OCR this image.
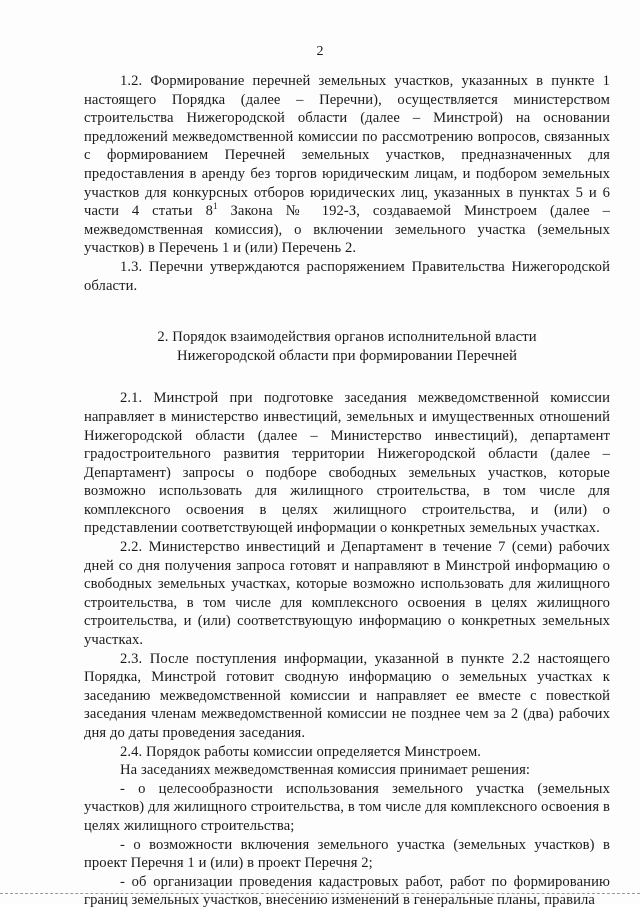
2

1.2. Формирование перечней земельных участков, указанных в пункте 1 настоящего Порядка (далее – Перечни), осуществляется министерством строительства Нижегородской области (далее – Минстрой) на основании предложений межведомственной комиссии по рассмотрению вопросов, связанных с формированием Перечней земельных участков, предназначенных для предоставления в аренду без торгов юридическим лицам, и подбором земельных участков для конкурсных отборов юридических лиц, указанных в пунктах 5 и 6 части 4 статьи $8^1$ Закона № 192-З, создаваемой Минстроем (далее – межведомственная комиссия), о включении земельного участка (земельных участков) в Перечень 1 и (или) Перечень 2.

1.3. Перечни утверждаются распоряжением Правительства Нижегородской области.

2. Порядок взаимодействия органов исполнительной власти
Нижегородской области при формировании Перечней

2.1. Минстрой при подготовке заседания межведомственной комиссии направляет в министерство инвестиций, земельных и имущественных отношений Нижегородской области (далее – Министерство инвестиций), департамент градостроительного развития территории Нижегородской области (далее – Департамент) запросы о подборе свободных земельных участков, которые возможно использовать для жилищного строительства, в том числе для комплексного освоения в целях жилищного строительства, и (или) о представлении соответствующей информации о конкретных земельных участках.

2.2. Министерство инвестиций и Департамент в течение 7 (семи) рабочих дней со дня получения запроса готовят и направляют в Минстрой информацию о свободных земельных участках, которые возможно использовать для жилищного строительства, в том числе для комплексного освоения в целях жилищного строительства, и (или) соответствующую информацию о конкретных земельных участках.

2.3. После поступления информации, указанной в пункте 2.2 настоящего Порядка, Минстрой готовит сводную информацию о земельных участках к заседанию межведомственной комиссии и направляет ее вместе с повесткой заседания членам межведомственной комиссии не позднее чем за 2 (два) рабочих дня до даты проведения заседания.

2.4. Порядок работы комиссии определяется Минстроем.

На заседаниях межведомственная комиссия принимает решения:

- о целесообразности использования земельного участка (земельных участков) для жилищного строительства, в том числе для комплексного освоения в целях жилищного строительства;

- о возможности включения земельного участка (земельных участков) в проект Перечня 1 и (или) в проект Перечня 2;

- об организации проведения кадастровых работ, работ по формированию границ земельных участков, внесению изменений в генеральные планы, правила
